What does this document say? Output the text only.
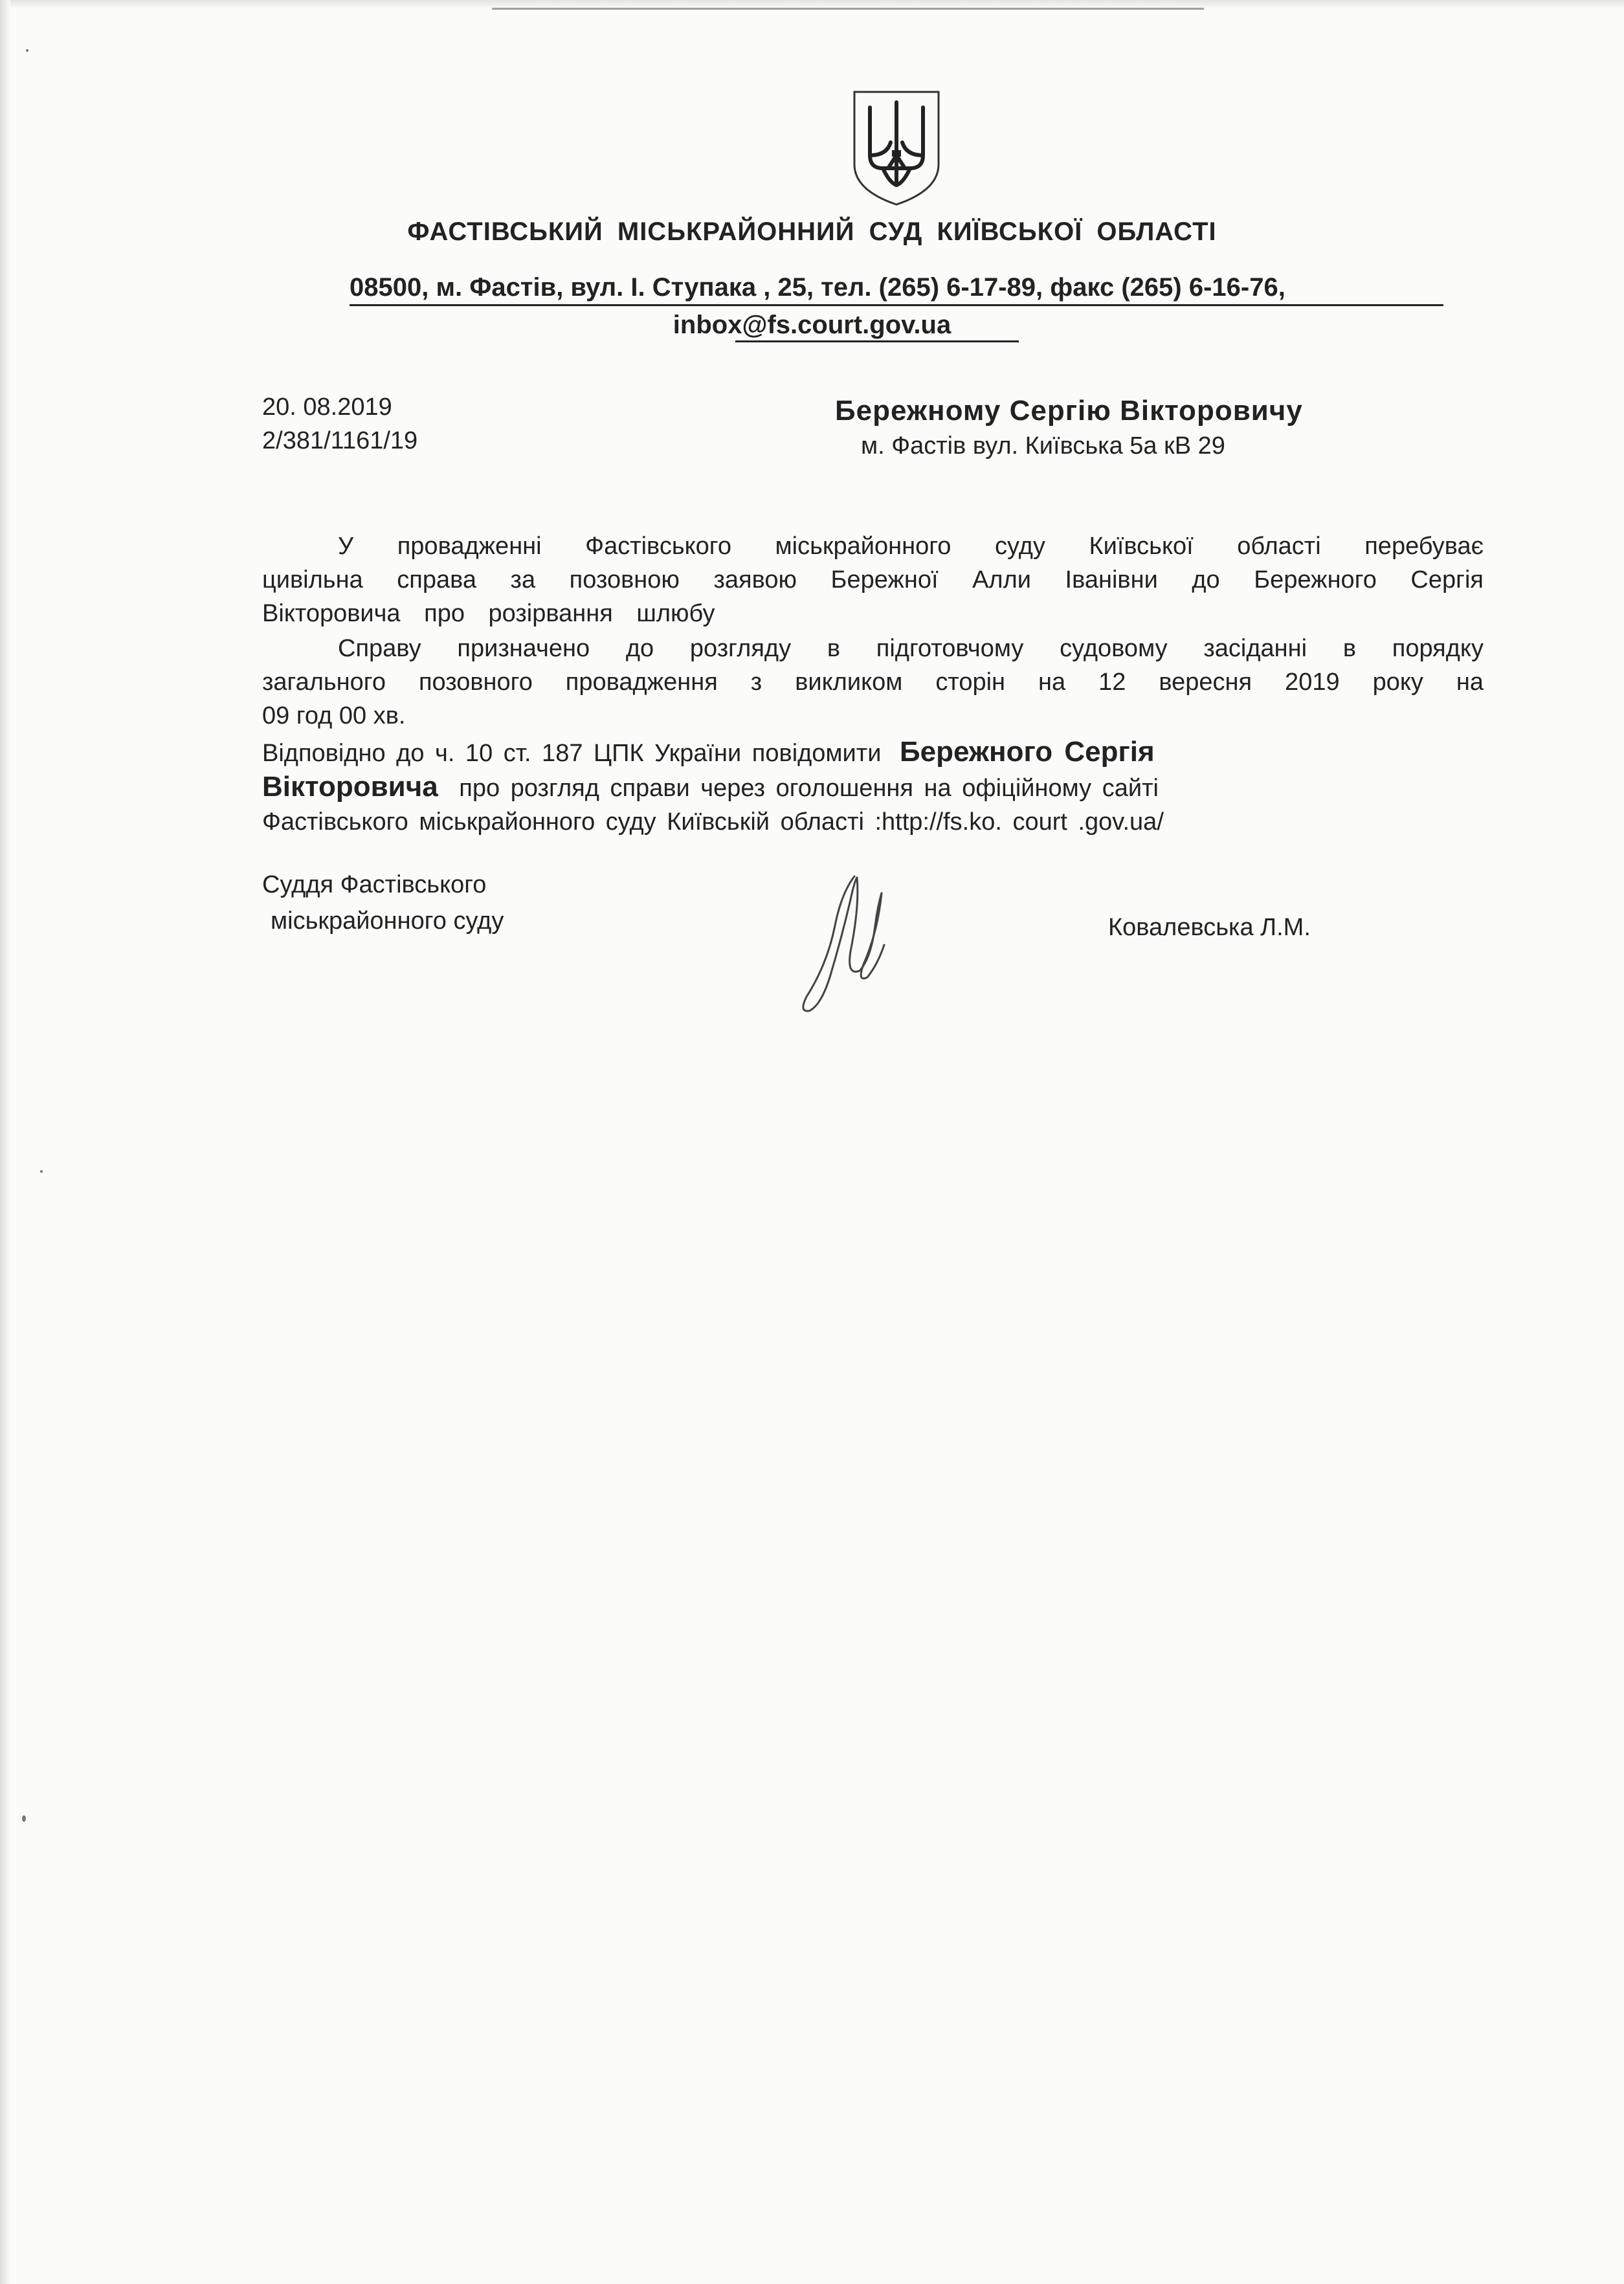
ФАСТІВСЬКИЙ МІСЬКРАЙОННИЙ СУД КИЇВСЬКОЇ ОБЛАСТІ
08500, м. Фастів, вул. І. Ступака , 25, тел. (265) 6-17-89, факс (265) 6-16-76,
inbox@fs.court.gov.ua
20. 08.2019
2/381/1161/19
Бережному Сергію Вікторовичу
м. Фастів вул. Київська 5а кВ 29
У провадженні Фастівського міськрайонного суду Київської області перебуває
цивільна справа за позовною заявою Бережної Алли Іванівни до Бережного Сергія
Вікторовича про розірвання шлюбу
Справу призначено до розгляду в підготовчому судовому засіданні в порядку
загального позовного провадження з викликом сторін на 12 вересня 2019 року на
09 год 00 хв.
Відповідно до ч. 10 ст. 187 ЦПК України повідомити Бережного Сергія
Вікторовича про розгляд справи через оголошення на офіційному сайті
Фастівського міськрайонного суду Київській області :http://fs.ko. court .gov.ua/
Суддя Фастівського
міськрайонного суду	Ковалевська Л.М.
